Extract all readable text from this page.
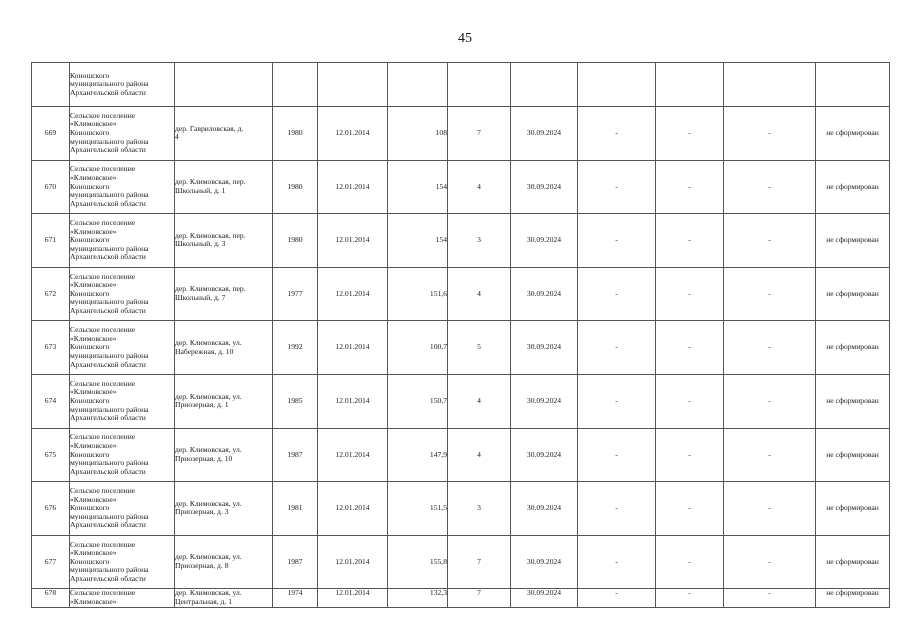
45

	Коношского
муниципального района
Архангельской области										

669	Сельское поселение
«Климовское»
Коношского
муниципального района
Архангельской области	дер. Гавриловская, д.
4	1980	12.01.2014	108	7	30.09.2024	-	-	-	не сформирован
670	Сельское поселение
«Климовское»
Коношского
муниципального района
Архангельской области	дер. Климовская, пер.
Школьный, д. 1	1980	12.01.2014	154	4	30.09.2024	-	-	-	не сформирован
671	Сельское поселение
«Климовское»
Коношского
муниципального района
Архангельской области	дер. Климовская, пер.
Школьный, д. 3	1980	12.01.2014	154	3	30.09.2024	-	-	-	не сформирован
672	Сельское поселение
«Климовское»
Коношского
муниципального района
Архангельской области	дер. Климовская, пер.
Школьный, д. 7	1977	12.01.2014	151,6	4	30.09.2024	-	-	-	не сформирован
673	Сельское поселение
«Климовское»
Коношского
муниципального района
Архангельской области	дер. Климовская, ул.
Набережная, д. 10	1992	12.01.2014	100,7	5	30.09.2024	-	-	-	не сформирован
674	Сельское поселение
«Климовское»
Коношского
муниципального района
Архангельской области	дер. Климовская, ул.
Приозерная, д. 1	1985	12.01.2014	150,7	4	30.09.2024	-	-	-	не сформирован
675	Сельское поселение
«Климовское»
Коношского
муниципального района
Архангельской области	дер. Климовская, ул.
Приозерная, д. 10	1987	12.01.2014	147,9	4	30.09.2024	-	-	-	не сформирован
676	Сельское поселение
«Климовское»
Коношского
муниципального района
Архангельской области	дер. Климовская, ул.
Приозерная, д. 3	1981	12.01.2014	151,5	3	30.09.2024	-	-	-	не сформирован
677	Сельское поселение
«Климовское»
Коношского
муниципального района
Архангельской области	дер. Климовская, ул.
Приозерная, д. 8	1987	12.01.2014	155,8	7	30.09.2024	-	-	-	не сформирован
678	Сельское поселение
«Климовское»	дер. Климовская, ул.
Центральная, д. 1	1974	12.01.2014	132,3	7	30.09.2024	-	-	-	не сформирован
